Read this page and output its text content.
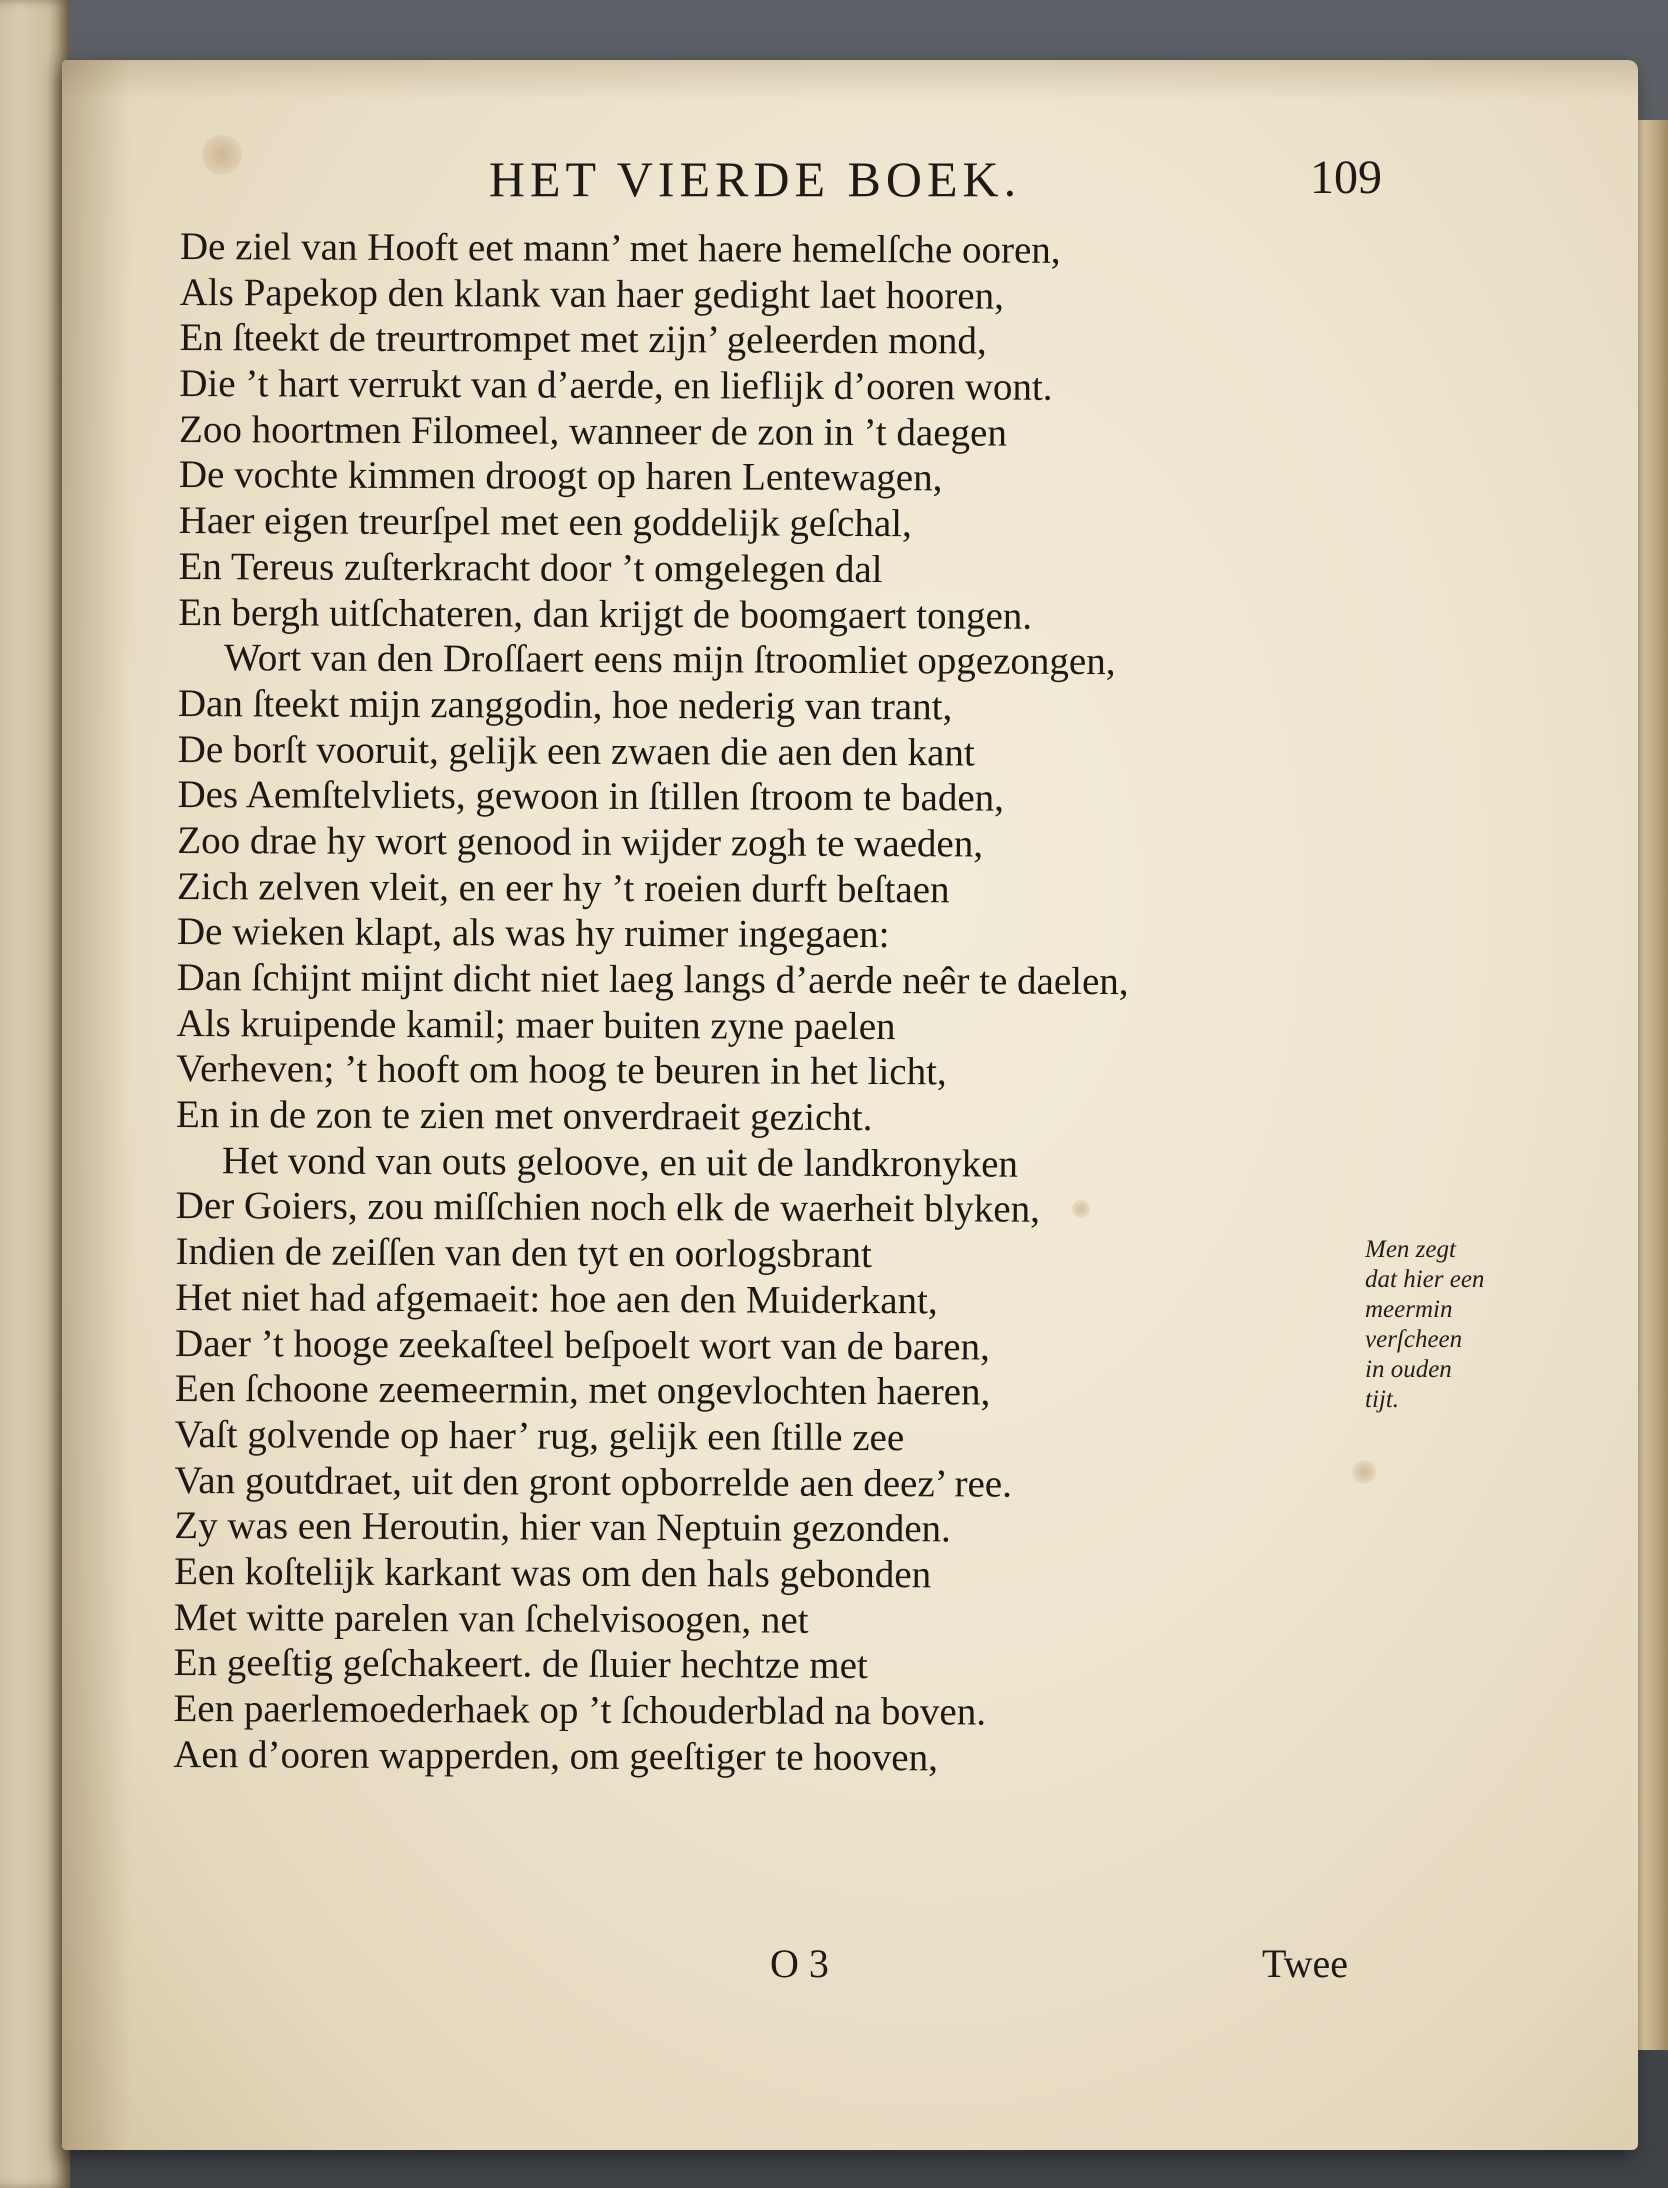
HET VIERDE BOEK.	109
De ziel van Hooft eet mann’ met haere hemelſche ooren,
Als Papekop den klank van haer gedight laet hooren,
En ſteekt de treurtrompet met zijn’ geleerden mond,
Die ’t hart verrukt van d’aerde, en lieflijk d’ooren wont.
Zoo hoortmen Filomeel, wanneer de zon in ’t daegen
De vochte kimmen droogt op haren Lentewagen,
Haer eigen treurſpel met een goddelijk geſchal,
En Tereus zuſterkracht door ’t omgelegen dal
En bergh uitſchateren, dan krijgt de boomgaert tongen.
Wort van den Droſſaert eens mijn ſtroomliet opgezongen,
Dan ſteekt mijn zanggodin, hoe nederig van trant,
De borſt vooruit, gelijk een zwaen die aen den kant
Des Aemſtelvliets, gewoon in ſtillen ſtroom te baden,
Zoo drae hy wort genood in wijder zogh te waeden,
Zich zelven vleit, en eer hy ’t roeien durft beſtaen
De wieken klapt, als was hy ruimer ingegaen:
Dan ſchijnt mijnt dicht niet laeg langs d’aerde neêr te daelen,
Als kruipende kamil; maer buiten zyne paelen
Verheven; ’t hooft om hoog te beuren in het licht,
En in de zon te zien met onverdraeit gezicht.
Het vond van outs geloove, en uit de landkronyken
Der Goiers, zou miſſchien noch elk de waerheit blyken,
Indien de zeiſſen van den tyt en oorlogsbrant
Het niet had afgemaeit: hoe aen den Muiderkant,
Daer ’t hooge zeekaſteel beſpoelt wort van de baren,
Een ſchoone zeemeermin, met ongevlochten haeren,
Vaſt golvende op haer’ rug, gelijk een ſtille zee
Van goutdraet, uit den gront opborrelde aen deez’ ree.
Zy was een Heroutin, hier van Neptuin gezonden.
Een koſtelijk karkant was om den hals gebonden
Met witte parelen van ſchelvisoogen, net
En geeſtig geſchakeert. de ſluier hechtze met
Een paerlemoederhaek op ’t ſchouderblad na boven.
Aen d’ooren wapperden, om geeſtiger te hooven,
Men zegt
dat hier een
meermin
verſcheen
in ouden
tijt.
O 3	Twee
